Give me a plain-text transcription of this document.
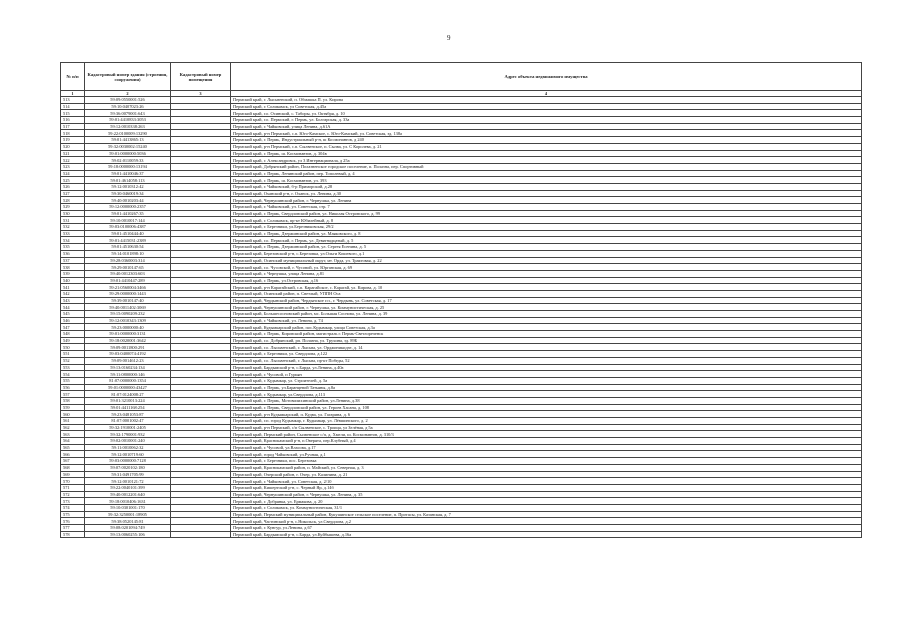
9
№ п/п	Кадастровый номер здания (строения, сооружения)	Кадастровый номер помещения	Адрес объекта недвижимого имущества
1	2	3	4
513	59:09:0550001:526		Пермский край, г. Лысьвенский, п. Обмашка П. ул. Кирова
514	59:10:0407023:26		Пермский край, г. Соликамск, ул Советская, д.45а
515	59:36:0079001:643		Пермский край, г.о. Осинский, с. Таборы, ул. Октября, д. 10
516	59:01:4410833:3053		Пермский край, г.о. Пермский, г. Пермь, ул. Болгарская, д. 33а
517	59:12:0010338:263		Пермский край, г. Чайковский, улица Ленина, д.61А
518	59:22:0100009:13290		Пермский край, р-н Пермский, с.п. Юго-Камское, с. Юго-Камский, ул. Советская, зд. 138а
519	59:01:4413865:13		Пермский край, г. Пермь, Индустриальный р-н, ш Космонавтов, д 240
520	59:32:0030002:15240		Пермский край, р-н Пермский, с.п. Сылвенское, п. Сылва, ул. С Королева, д. 21
521	59:01:0000000:5036		Пермский край, г. Пермь, ш. Космонавтов, д. 304в
522	59:02:0110059:33		Пермский край, г. Александровск, ул 3 Интернационала, д 25а
523	59:18:0000000:13194		Пермский край, Добрянский район, Полазненское городское поселение, п. Полазна, пер. Спортивный
524	59:01:4410046:37		Пермский край, г. Пермь, Ленинский район, пер. Тополевый, д. 4
525	59:01:4614058:113		Пермский край, г. Пермь, ш. Космонавтов, ул. 393
526	59:12:0010312:42		Пермский край, г. Чайковский, б-р Приморский, д.28
527	59:30:0460019:34		Пермский край, Оханский р-н, г. Оханск, ул. Ленина, д.30
528	59:40:0010203:44		Пермский край, Чернушинский район, г. Чернушка, ул. Ленина
529	59:12:0000000:2357		Пермский край, г. Чайковский, ул. Советская, стр. 7
530	59:01:4410267:35		Пермский край, г. Пермь, Свердловский район, ул. Николая Островского, д. 99
531	59:10:0010017:144		Пермский край, г. Соликамск, пр-кт Юбилейный, д. 8
532	59:03:0100006:4387		Пермский край, г. Березники, ул.Березниковская, 29/2
533	59:01:4510444:40		Пермский край, г. Пермь, Дзержинский район, ул. Маяковского, д. 8
534	59:01:4415031:2389		Пермский край, г.о. Пермский, г. Пермь, ул. Девятнадцатый, д. 5
535	59:01:4510630:54		Пермский край, г. Пермь, Дзержинский район, ул. Сергея Есенина, д. 5
536	59:14:0101898:10		Пермский край, Березовский р-н, с.Березовка, ул.Ольги Кошевого, д.1
537	59:28:0360003:314		Пермский край, Осинский муниципальный округ, мт. Орда, ул. Трактовая, д. 22
538	59:29:0010147:65		Пермский край, г.о. Чусовской, г. Чусовой, ул. Юрганская, д. 69
539	59:40:0012303:603		Пермский край, г. Чернушка, улица Ленина, д.81
540	59:01:4410447:289		Пермский край, г. Пермь, ул.Островская, д.16
541	59:21:0560004:3466		Пермский край, р-н Карагайский, с.п. Карагайское, с. Карагай, ул. Кирова, д. 10
542	59:29:0000000:1443		Пермский край, Осинский район, п. Светлый, УППН Оса
543	59:39:0010147:40		Пермский край, Чердынский район, Чердынское г.п., г. Чердынь, ул. Советская, д. 17
544	59:40:0011402:3069		Пермский край, Чернушинский район, г. Чернушка, ул. Коммунистическая, д. 25
545	59:15:0090209:232		Пермский край, Большесосновский район, мс. Большая Соснова, ул. Ленина, д. 39
546	59:12:0010343:1309		Пермский край, г. Чайковский, ул. Ленина, д. 74
547	59:23:0000000:40		Пермский край, Кудымкарский район, пос.Кудымкар, улица Советская, д.3а
548	59:01:0000000:3131		Пермский край, г. Пермь, Кировский район, магистраль г. Пермь-Светлореченск
549	59:18:0020001:3642		Пермский край, г.о. Добрянский, рп. Полазна, ул. Трухина, зд. 89Б
550	59:09:0011800:291		Пермский край, г.о. Лысьвенский, г. Лысьва, ул. Орджоникидзе, д. 14
551	59:03:0400074:4192		Пермский край, г. Березники, ул. Свердлова, д.122
552	59:09:0014612:23		Пермский край, г.о. Лысьвенский, г. Лысьва, пр-кт Победы, 52
553	59:13:0160234:134		Пермский край, Бардымский р-н, с.Барда, ул.Ленина, д.40а
554	59:11:0800000:146		Пермский край, г. Чусовой, п Гурьян
555	81:07:0000000:1354		Пермский край, г. Кудымкар, ул. Строителей, д. 5а
556	59:01:0000000:43427		Пермский край, г. Пермь, ул.Баранцевой Татьяны, д.8а
557	81:07:0124008:27		Пермский край, г. Кудымкар, ул.Свердлова, д.113
558	59:01:3210013:224		Пермский край, г. Пермь, Мотовилихинский район, ул.Ленина, д.38
559	59:01:4411168:254		Пермский край, г. Пермь, Свердловский район, ул. Героев Хасана, д. 108
560	59:23:0481053:87		Пермский край, р-н Кудымкарский, п. Кудва, ул. Гагарина, д. 6
561	81:07:0001002:47		Пермский край, г.п. город Кудымкар, г. Кудымкар, ул. Лёвшинского, д. 2
562	59:32:1910001:2405		Пермский край, р-н Пермский, с/п Сылвенское, с. Троица, ул Зелёная, д 5а
563	59:32:1790001:932		Пермский край, Пермский район, Сылвенское с/п, д. Хмели, ш. Космонавтов, д. 310/3
564	59:02:0010001:240		Пермский край, Краснокамский р-н, п.Оверята, пер.Клубный, д.4
565	59:11:0010062:32		Пермский край, г. Чусовой, ул.Власова, д.17
566	59:12:0010719:60		Пермский край, город Чайковский, ул.Ручная, д.1
567	59:03:0000000:7128		Пермский край, г. Березники, пос. Березовка
568	59:07:0020102:180		Пермский край, Краснокамский район, п. Майский, ул. Северная, д. 3
569	59:31:0491705:99		Пермский край, Очерский район, г. Очер, ул. Калинина, д. 21
570	59:12:0010121:72		Пермский край, г. Чайковский, ул. Советская, д. 2/10
571	59:22:0040101:399		Пермский край, Кишертский р-н, с. Черный Яр, д.14б
572	59:40:0012201:640		Пермский край, Чернушинский район, г. Чернушка, ул. Ленина, д. 35
573	59:18:0010406:1631		Пермский край, г. Добрянка, ул. Ермакова, д. 20
574	59:10:0301001:170		Пермский край, г. Соликамск, ул. Коммунистическая, 31/1
575	59:32:3250001:18905		Пермский край, Пермский муниципальный район, Кукушинское сельское поселение, п. Протасы, ул. Казанская, д. 7
576	59:38:0520145:81		Пермский край, Частинский р-н, с.Никольск, ул.Свердлова, д.2
577	59:08:0201094:749		Пермский край, г. Кунгур, ул.Ленина, д.67
578	59:13:0060255:106		Пермский край, Бардымский р-н, с.Барда, ул.Куйбышева, д.16а
